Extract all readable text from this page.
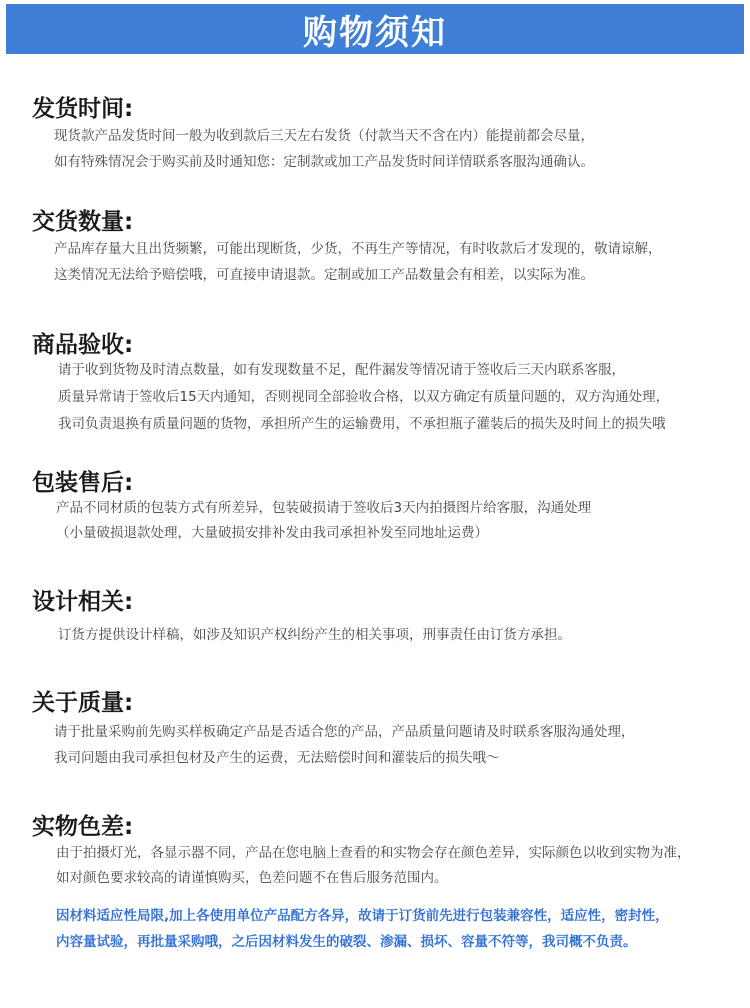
购物须知
发货时间:
现货款产品发货时间一般为收到款后三天左右发货（付款当天不含在内）能提前都会尽量，
如有特殊情况会于购买前及时通知您：定制款或加工产品发货时间详情联系客服沟通确认。
交货数量:
产品库存量大且出货频繁，可能出现断货，少货，不再生产等情况，有时收款后才发现的，敬请谅解，
这类情况无法给予赔偿哦，可直接申请退款。定制或加工产品数量会有相差，以实际为准。
商品验收:
请于收到货物及时清点数量，如有发现数量不足，配件漏发等情况请于签收后三天内联系客服，
质量异常请于签收后15天内通知，否则视同全部验收合格，以双方确定有质量问题的，双方沟通处理，
我司负责退换有质量问题的货物，承担所产生的运输费用，不承担瓶子灌装后的损失及时间上的损失哦
包装售后:
产品不同材质的包装方式有所差异，包装破损请于签收后3天内拍摄图片给客服，沟通处理
（小量破损退款处理，大量破损安排补发由我司承担补发至同地址运费）
设计相关:
订货方提供设计样稿，如涉及知识产权纠纷产生的相关事项，刑事责任由订货方承担。
关于质量:
请于批量采购前先购买样板确定产品是否适合您的产品，产品质量问题请及时联系客服沟通处理，
我司问题由我司承担包材及产生的运费，无法赔偿时间和灌装后的损失哦～
实物色差:
由于拍摄灯光，各显示器不同，产品在您电脑上查看的和实物会存在颜色差异，实际颜色以收到实物为准，
如对颜色要求较高的请谨慎购买，色差问题不在售后服务范围内。
因材料适应性局限,加上各使用单位产品配方各异，故请于订货前先进行包装兼容性，适应性，密封性，
内容量试验，再批量采购哦，之后因材料发生的破裂、渗漏、损坏、容量不符等，我司概不负责。
